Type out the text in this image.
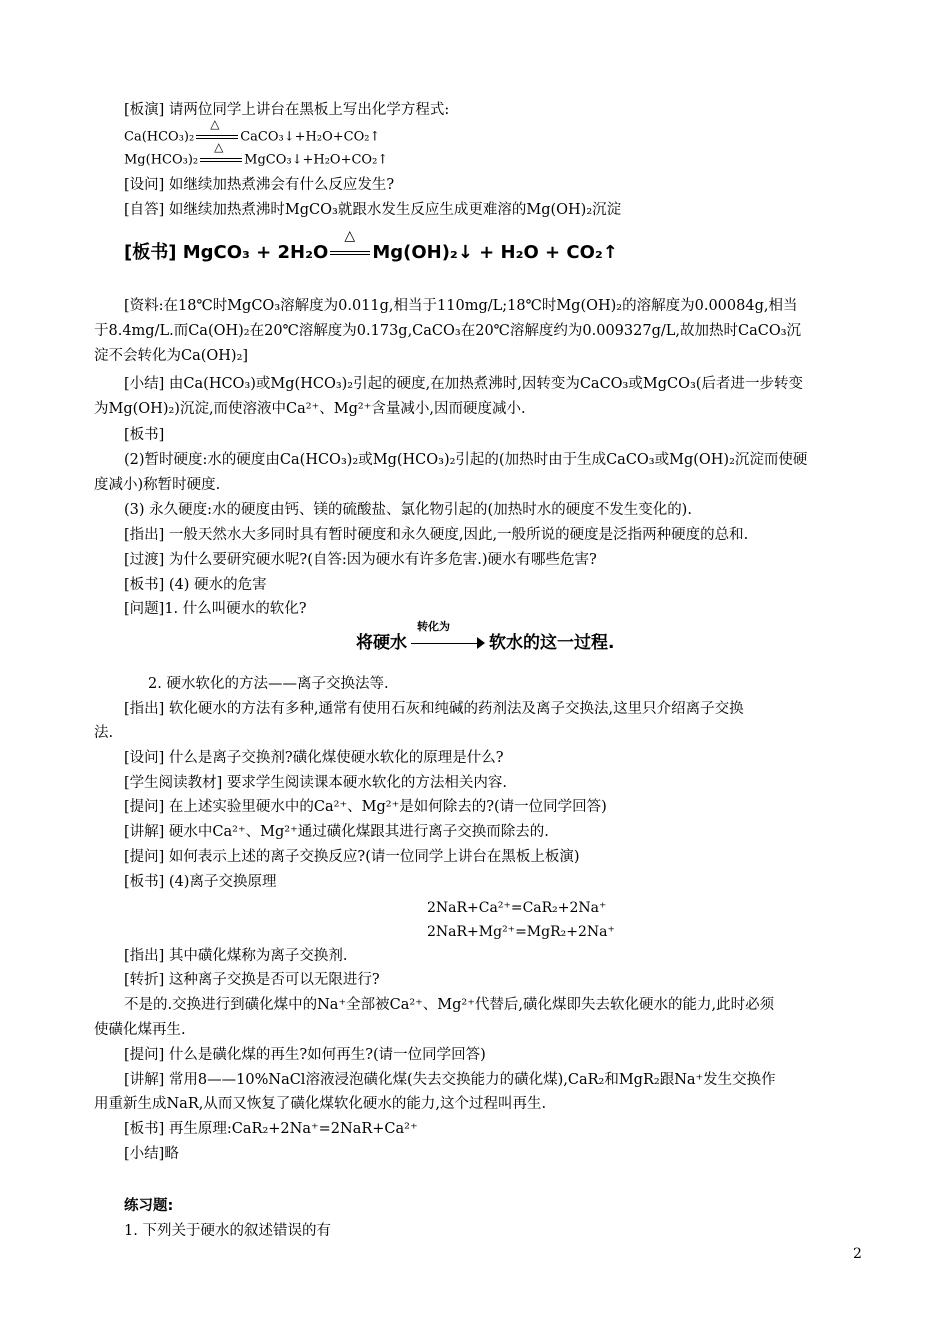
[板演] 请两位同学上讲台在黑板上写出化学方程式:
Ca(HCO₃)₂
△
CaCO₃↓+H₂O+CO₂↑
Mg(HCO₃)₂
△
MgCO₃↓+H₂O+CO₂↑
[设问] 如继续加热煮沸会有什么反应发生?
[自答] 如继续加热煮沸时MgCO₃就跟水发生反应生成更难溶的Mg(OH)₂沉淀
[板书] MgCO₃ + 2H₂O
△
Mg(OH)₂↓ + H₂O + CO₂↑
[资料:在18℃时MgCO₃溶解度为0.011g,相当于110mg/L;18℃时Mg(OH)₂的溶解度为0.00084g,相当
于8.4mg/L.而Ca(OH)₂在20℃溶解度为0.173g,CaCO₃在20℃溶解度约为0.009327g/L,故加热时CaCO₃沉
淀不会转化为Ca(OH)₂]
[小结] 由Ca(HCO₃)或Mg(HCO₃)₂引起的硬度,在加热煮沸时,因转变为CaCO₃或MgCO₃(后者进一步转变
为Mg(OH)₂)沉淀,而使溶液中Ca²⁺、Mg²⁺含量减小,因而硬度减小.
[板书]
(2)暂时硬度:水的硬度由Ca(HCO₃)₂或Mg(HCO₃)₂引起的(加热时由于生成CaCO₃或Mg(OH)₂沉淀而使硬
度减小)称暂时硬度.
(3) 永久硬度:水的硬度由钙、镁的硫酸盐、氯化物引起的(加热时水的硬度不发生变化的).
[指出] 一般天然水大多同时具有暂时硬度和永久硬度,因此,一般所说的硬度是泛指两种硬度的总和.
[过渡] 为什么要研究硬水呢?(自答:因为硬水有许多危害.)硬水有哪些危害?
[板书] (4) 硬水的危害
[问题]1. 什么叫硬水的软化?
将硬水
转化为
软水的这一过程.
2. 硬水软化的方法——离子交换法等.
[指出] 软化硬水的方法有多种,通常有使用石灰和纯碱的药剂法及离子交换法,这里只介绍离子交换
法.
[设问] 什么是离子交换剂?磺化煤使硬水软化的原理是什么?
[学生阅读教材] 要求学生阅读课本硬水软化的方法相关内容.
[提问] 在上述实验里硬水中的Ca²⁺、Mg²⁺是如何除去的?(请一位同学回答)
[讲解] 硬水中Ca²⁺、Mg²⁺通过磺化煤跟其进行离子交换而除去的.
[提问] 如何表示上述的离子交换反应?(请一位同学上讲台在黑板上板演)
[板书] (4)离子交换原理
2NaR+Ca²⁺=CaR₂+2Na⁺
2NaR+Mg²⁺=MgR₂+2Na⁺
[指出] 其中磺化煤称为离子交换剂.
[转折] 这种离子交换是否可以无限进行?
不是的.交换进行到磺化煤中的Na⁺全部被Ca²⁺、Mg²⁺代替后,磺化煤即失去软化硬水的能力,此时必须
使磺化煤再生.
[提问] 什么是磺化煤的再生?如何再生?(请一位同学回答)
[讲解] 常用8——10%NaCl溶液浸泡磺化煤(失去交换能力的磺化煤),CaR₂和MgR₂跟Na⁺发生交换作
用重新生成NaR,从而又恢复了磺化煤软化硬水的能力,这个过程叫再生.
[板书] 再生原理:CaR₂+2Na⁺=2NaR+Ca²⁺
[小结]略
练习题:
1. 下列关于硬水的叙述错误的有
2
